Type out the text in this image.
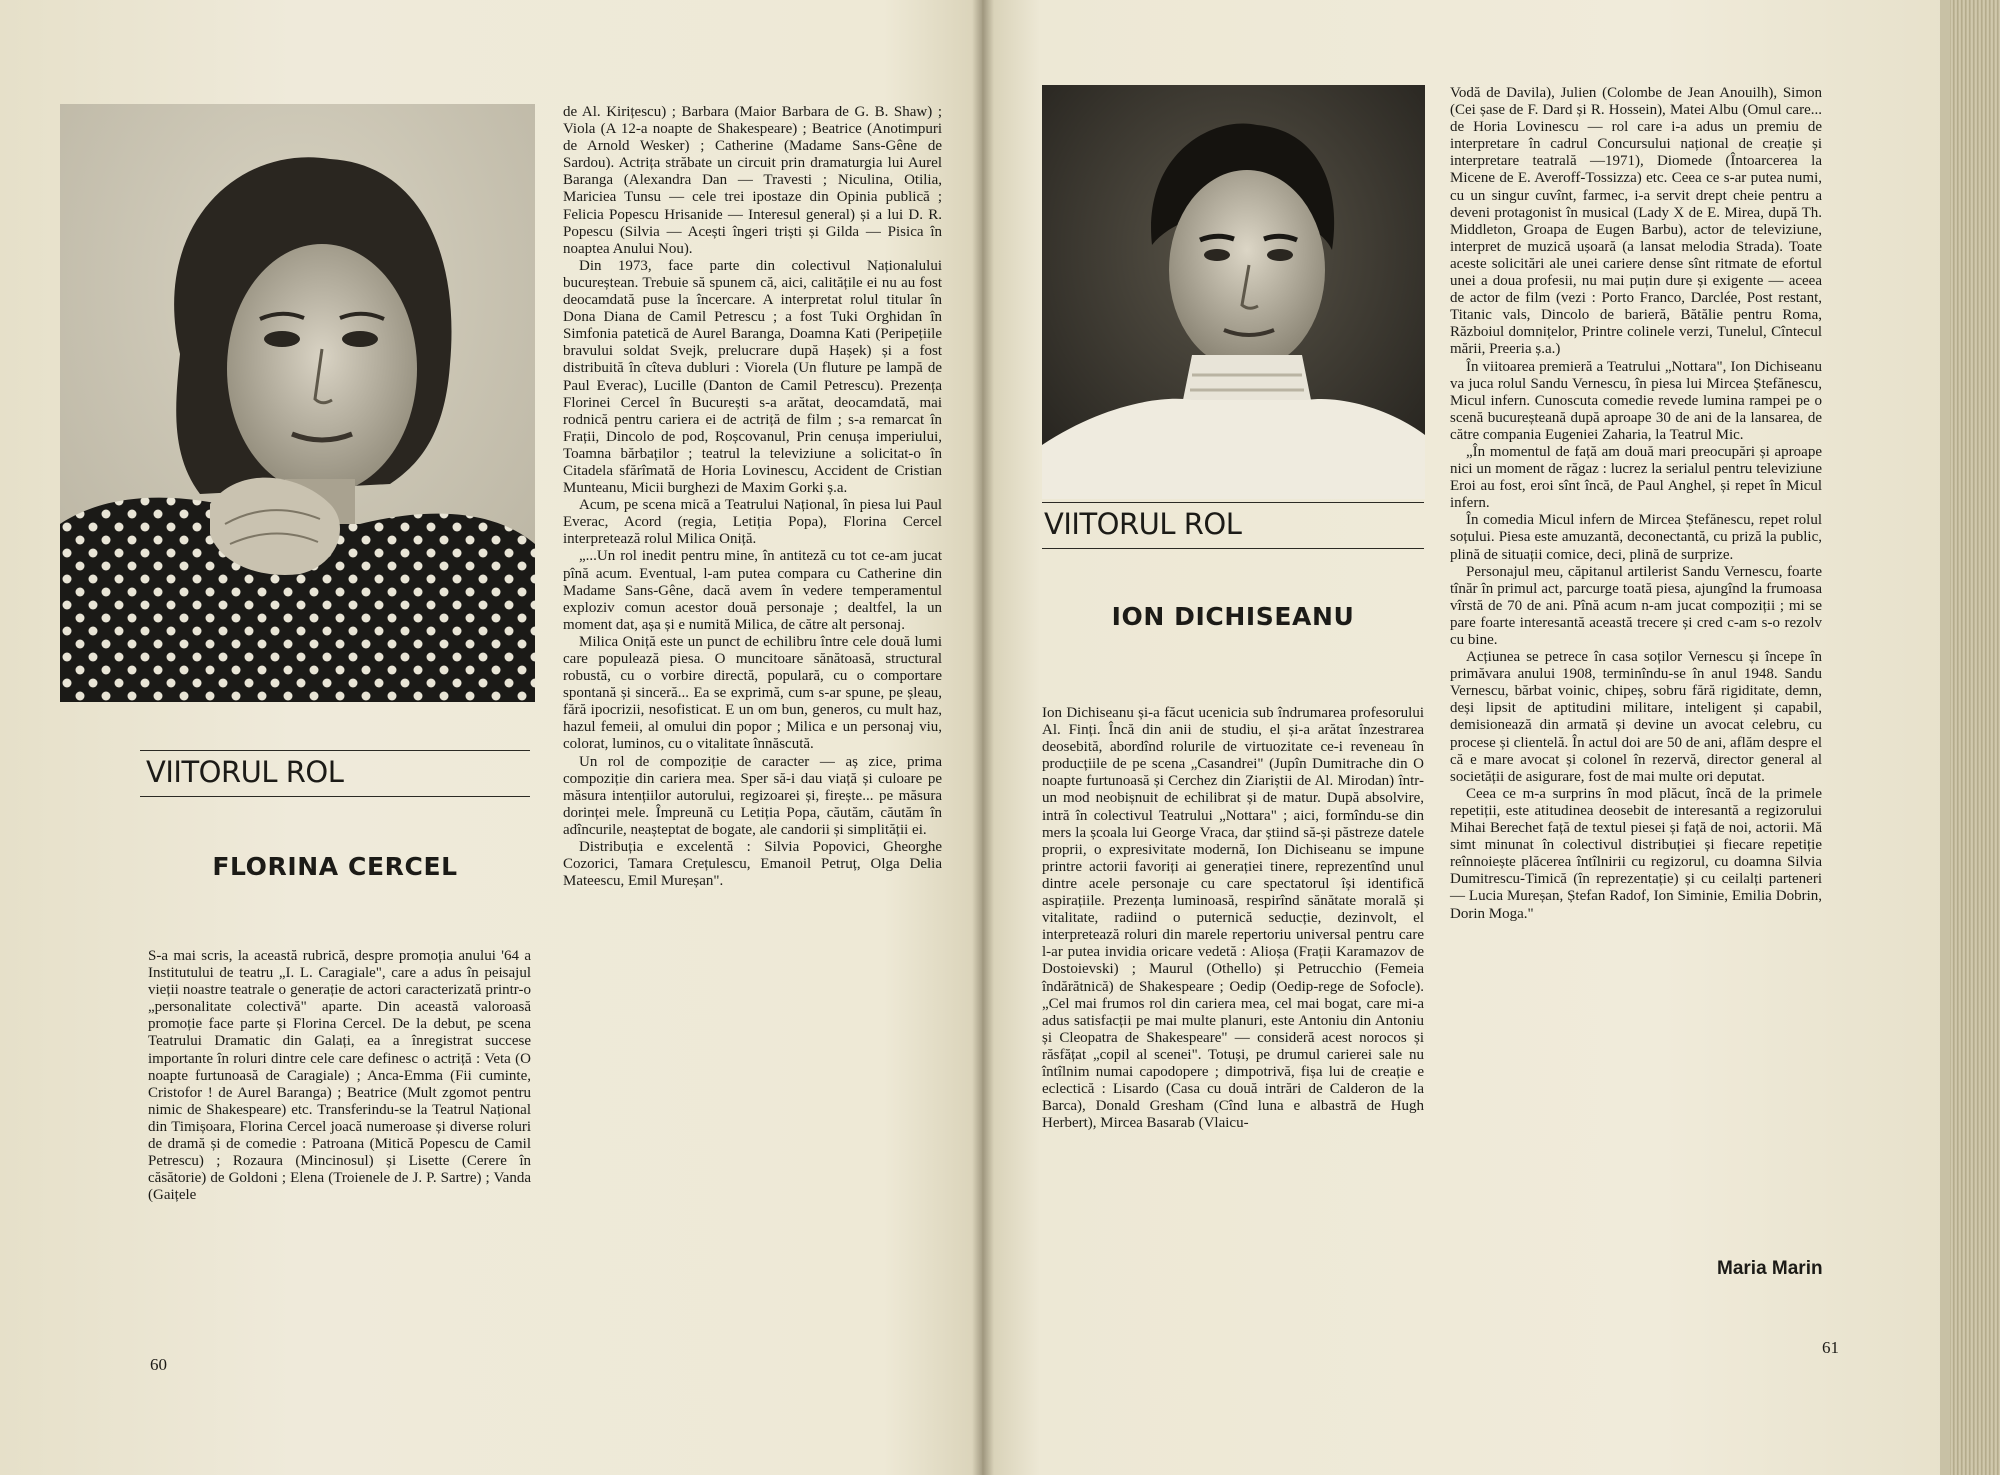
VIITORUL ROL
FLORINA CERCEL

S-a mai scris, la această rubrică, despre promoția anului '64 a Institutului de teatru „I. L. Caragiale", care a adus în peisajul vieții noastre teatrale o generație de actori caracterizată printr-o „personalitate colectivă" aparte. Din această valoroasă promoție face parte și Florina Cercel. De la debut, pe scena Teatrului Dramatic din Galați, ea a înregistrat succese importante în roluri dintre cele care definesc o actriță : Veta (O noapte furtunoasă de Caragiale) ; Anca-Emma (Fii cuminte, Cristofor ! de Aurel Baranga) ; Beatrice (Mult zgomot pentru nimic de Shakespeare) etc. Transferindu-se la Teatrul Național din Timișoara, Florina Cercel joacă numeroase și diverse roluri de dramă și de comedie : Patroana (Mitică Popescu de Camil Petrescu) ; Rozaura (Mincinosul) și Lisette (Cerere în căsătorie) de Goldoni ; Elena (Troienele de J. P. Sartre) ; Vanda (Gaițele

de Al. Kirițescu) ; Barbara (Maior Barbara de G. B. Shaw) ; Viola (A 12-a noapte de Shakespeare) ; Beatrice (Anotimpuri de Arnold Wesker) ; Catherine (Madame Sans-Gêne de Sardou). Actrița străbate un circuit prin dramaturgia lui Aurel Baranga (Alexandra Dan — Travesti ; Niculina, Otilia, Mariciea Tunsu — cele trei ipostaze din Opinia publică ; Felicia Popescu Hrisanide — Interesul general) și a lui D. R. Popescu (Silvia — Acești îngeri triști și Gilda — Pisica în noaptea Anului Nou).

Din 1973, face parte din colectivul Naționalului bucureștean. Trebuie să spunem că, aici, calitățile ei nu au fost deocamdată puse la încercare. A interpretat rolul titular în Dona Diana de Camil Petrescu ; a fost Tuki Orghidan în Simfonia patetică de Aurel Baranga, Doamna Kati (Peripețiile bravului soldat Svejk, prelucrare după Hașek) și a fost distribuită în cîteva dubluri : Viorela (Un fluture pe lampă de Paul Everac), Lucille (Danton de Camil Petrescu). Prezența Florinei Cercel în București s-a arătat, deocamdată, mai rodnică pentru cariera ei de actriță de film ; s-a remarcat în Frații, Dincolo de pod, Roșcovanul, Prin cenușa imperiului, Toamna bărbaților ; teatrul la televiziune a solicitat-o în Citadela sfărîmată de Horia Lovinescu, Accident de Cristian Munteanu, Micii burghezi de Maxim Gorki ș.a.

Acum, pe scena mică a Teatrului Național, în piesa lui Paul Everac, Acord (regia, Letiția Popa), Florina Cercel interpretează rolul Milica Oniță.

„...Un rol inedit pentru mine, în antiteză cu tot ce-am jucat pînă acum. Eventual, l-am putea compara cu Catherine din Madame Sans-Gêne, dacă avem în vedere temperamentul exploziv comun acestor două personaje ; dealtfel, la un moment dat, așa și e numită Milica, de către alt personaj.

Milica Oniță este un punct de echilibru între cele două lumi care populează piesa. O muncitoare sănătoasă, structural robustă, cu o vorbire directă, populară, cu o comportare spontană și sinceră... Ea se exprimă, cum s-ar spune, pe șleau, fără ipocrizii, nesofisticat. E un om bun, generos, cu mult haz, hazul femeii, al omului din popor ; Milica e un personaj viu, colorat, luminos, cu o vitalitate înnăscută.

Un rol de compoziție de caracter — aș zice, prima compoziție din cariera mea. Sper să-i dau viață și culoare pe măsura intențiilor autorului, regizoarei și, firește... pe măsura dorinței mele. Împreună cu Letiția Popa, căutăm, căutăm în adîncurile, neașteptat de bogate, ale candorii și simplității ei.

Distribuția e excelentă : Silvia Popovici, Gheorghe Cozorici, Tamara Crețulescu, Emanoil Petruț, Olga Delia Mateescu, Emil Mureșan".

60
VIITORUL ROL
ION DICHISEANU

Ion Dichiseanu și-a făcut ucenicia sub îndrumarea profesorului Al. Finți. Încă din anii de studiu, el și-a arătat înzestrarea deosebită, abordînd rolurile de virtuozitate ce-i reveneau în producțiile de pe scena „Casandrei" (Jupîn Dumitrache din O noapte furtunoasă și Cerchez din Ziariștii de Al. Mirodan) într-un mod neobișnuit de echilibrat și de matur. După absolvire, intră în colectivul Teatrului „Nottara" ; aici, formîndu-se din mers la școala lui George Vraca, dar știind să-și păstreze datele proprii, o expresivitate modernă, Ion Dichiseanu se impune printre actorii favoriți ai generației tinere, reprezentînd unul dintre acele personaje cu care spectatorul își identifică aspirațiile. Prezența luminoasă, respirînd sănătate morală și vitalitate, radiind o puternică seducție, dezinvolt, el interpretează roluri din marele repertoriu universal pentru care l-ar putea invidia oricare vedetă : Alioșa (Frații Karamazov de Dostoievski) ; Maurul (Othello) și Petrucchio (Femeia îndărătnică) de Shakespeare ; Oedip (Oedip-rege de Sofocle). „Cel mai frumos rol din cariera mea, cel mai bogat, care mi-a adus satisfacții pe mai multe planuri, este Antoniu din Antoniu și Cleopatra de Shakespeare" — consideră acest norocos și răsfățat „copil al scenei". Totuși, pe drumul carierei sale nu întîlnim numai capodopere ; dimpotrivă, fișa lui de creație e eclectică : Lisardo (Casa cu două intrări de Calderon de la Barca), Donald Gresham (Cînd luna e albastră de Hugh Herbert), Mircea Basarab (Vlaicu-

Vodă de Davila), Julien (Colombe de Jean Anouilh), Simon (Cei șase de F. Dard și R. Hossein), Matei Albu (Omul care... de Horia Lovinescu — rol care i-a adus un premiu de interpretare în cadrul Concursului național de creație și interpretare teatrală —1971), Diomede (Întoarcerea la Micene de E. Averoff-Tossizza) etc. Ceea ce s-ar putea numi, cu un singur cuvînt, farmec, i-a servit drept cheie pentru a deveni protagonist în musical (Lady X de E. Mirea, după Th. Middleton, Groapa de Eugen Barbu), actor de televiziune, interpret de muzică ușoară (a lansat melodia Strada). Toate aceste solicitări ale unei cariere dense sînt ritmate de efortul unei a doua profesii, nu mai puțin dure și exigente — aceea de actor de film (vezi : Porto Franco, Darclée, Post restant, Titanic vals, Dincolo de barieră, Bătălie pentru Roma, Războiul domnițelor, Printre colinele verzi, Tunelul, Cîntecul mării, Preeria ș.a.)

În viitoarea premieră a Teatrului „Nottara", Ion Dichiseanu va juca rolul Sandu Vernescu, în piesa lui Mircea Ștefănescu, Micul infern. Cunoscuta comedie revede lumina rampei pe o scenă bucureșteană după aproape 30 de ani de la lansarea, de către compania Eugeniei Zaharia, la Teatrul Mic.

„În momentul de față am două mari preocupări și aproape nici un moment de răgaz : lucrez la serialul pentru televiziune Eroi au fost, eroi sînt încă, de Paul Anghel, și repet în Micul infern.

În comedia Micul infern de Mircea Ștefănescu, repet rolul soțului. Piesa este amuzantă, deconectantă, cu priză la public, plină de situații comice, deci, plină de surprize.

Personajul meu, căpitanul artilerist Sandu Vernescu, foarte tînăr în primul act, parcurge toată piesa, ajungînd la frumoasa vîrstă de 70 de ani. Pînă acum n-am jucat compoziții ; mi se pare foarte interesantă această trecere și cred c-am s-o rezolv cu bine.

Acțiunea se petrece în casa soților Vernescu și începe în primăvara anului 1908, terminîndu-se în anul 1948. Sandu Vernescu, bărbat voinic, chipeș, sobru fără rigiditate, demn, deși lipsit de aptitudini militare, inteligent și capabil, demisionează din armată și devine un avocat celebru, cu procese și clientelă. În actul doi are 50 de ani, aflăm despre el că e mare avocat și colonel în rezervă, director general al societății de asigurare, fost de mai multe ori deputat.

Ceea ce m-a surprins în mod plăcut, încă de la primele repetiții, este atitudinea deosebit de interesantă a regizorului Mihai Berechet față de textul piesei și față de noi, actorii. Mă simt minunat în colectivul distribuției și fiecare repetiție reînnoiește plăcerea întîlnirii cu regizorul, cu doamna Silvia Dumitrescu-Timică (în reprezentație) și cu ceilalți parteneri — Lucia Mureșan, Ștefan Radof, Ion Siminie, Emilia Dobrin, Dorin Moga."

Maria Marin
61
